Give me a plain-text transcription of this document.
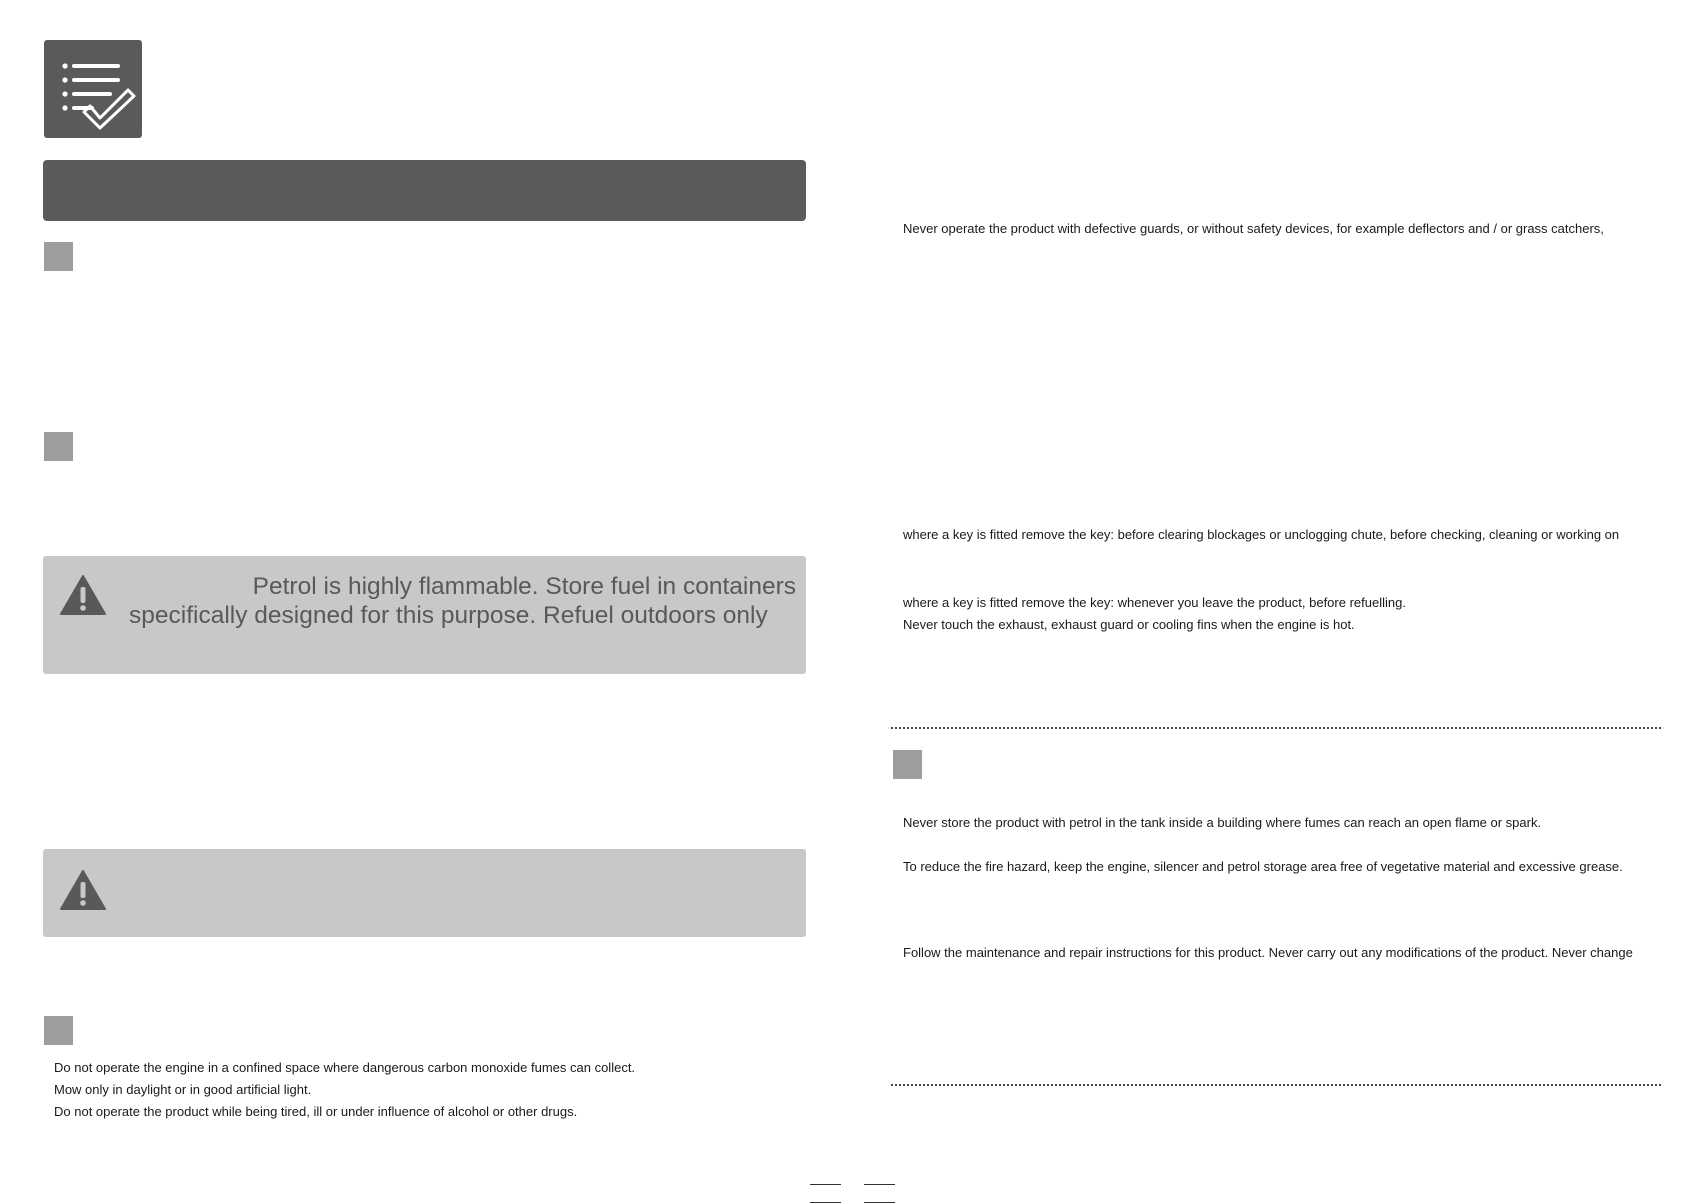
Petrol is highly flammable. Store fuel in containers
specifically designed for this purpose. Refuel outdoors only
Do not operate the engine in a confined space where dangerous carbon monoxide fumes can collect.
Mow only in daylight or in good artificial light.
Do not operate the product while being tired, ill or under influence of alcohol or other drugs.
Never operate the product with defective guards, or without safety devices, for example deflectors and / or grass catchers,
where a key is fitted remove the key: before clearing blockages or unclogging chute, before checking, cleaning or working on
where a key is fitted remove the key: whenever you leave the product, before refuelling.
Never touch the exhaust, exhaust guard or cooling fins when the engine is hot.
Never store the product with petrol in the tank inside a building where fumes can reach an open flame or spark.
To reduce the fire hazard, keep the engine, silencer and petrol storage area free of vegetative material and excessive grease.
Follow the maintenance and repair instructions for this product. Never carry out any modifications of the product. Never change
